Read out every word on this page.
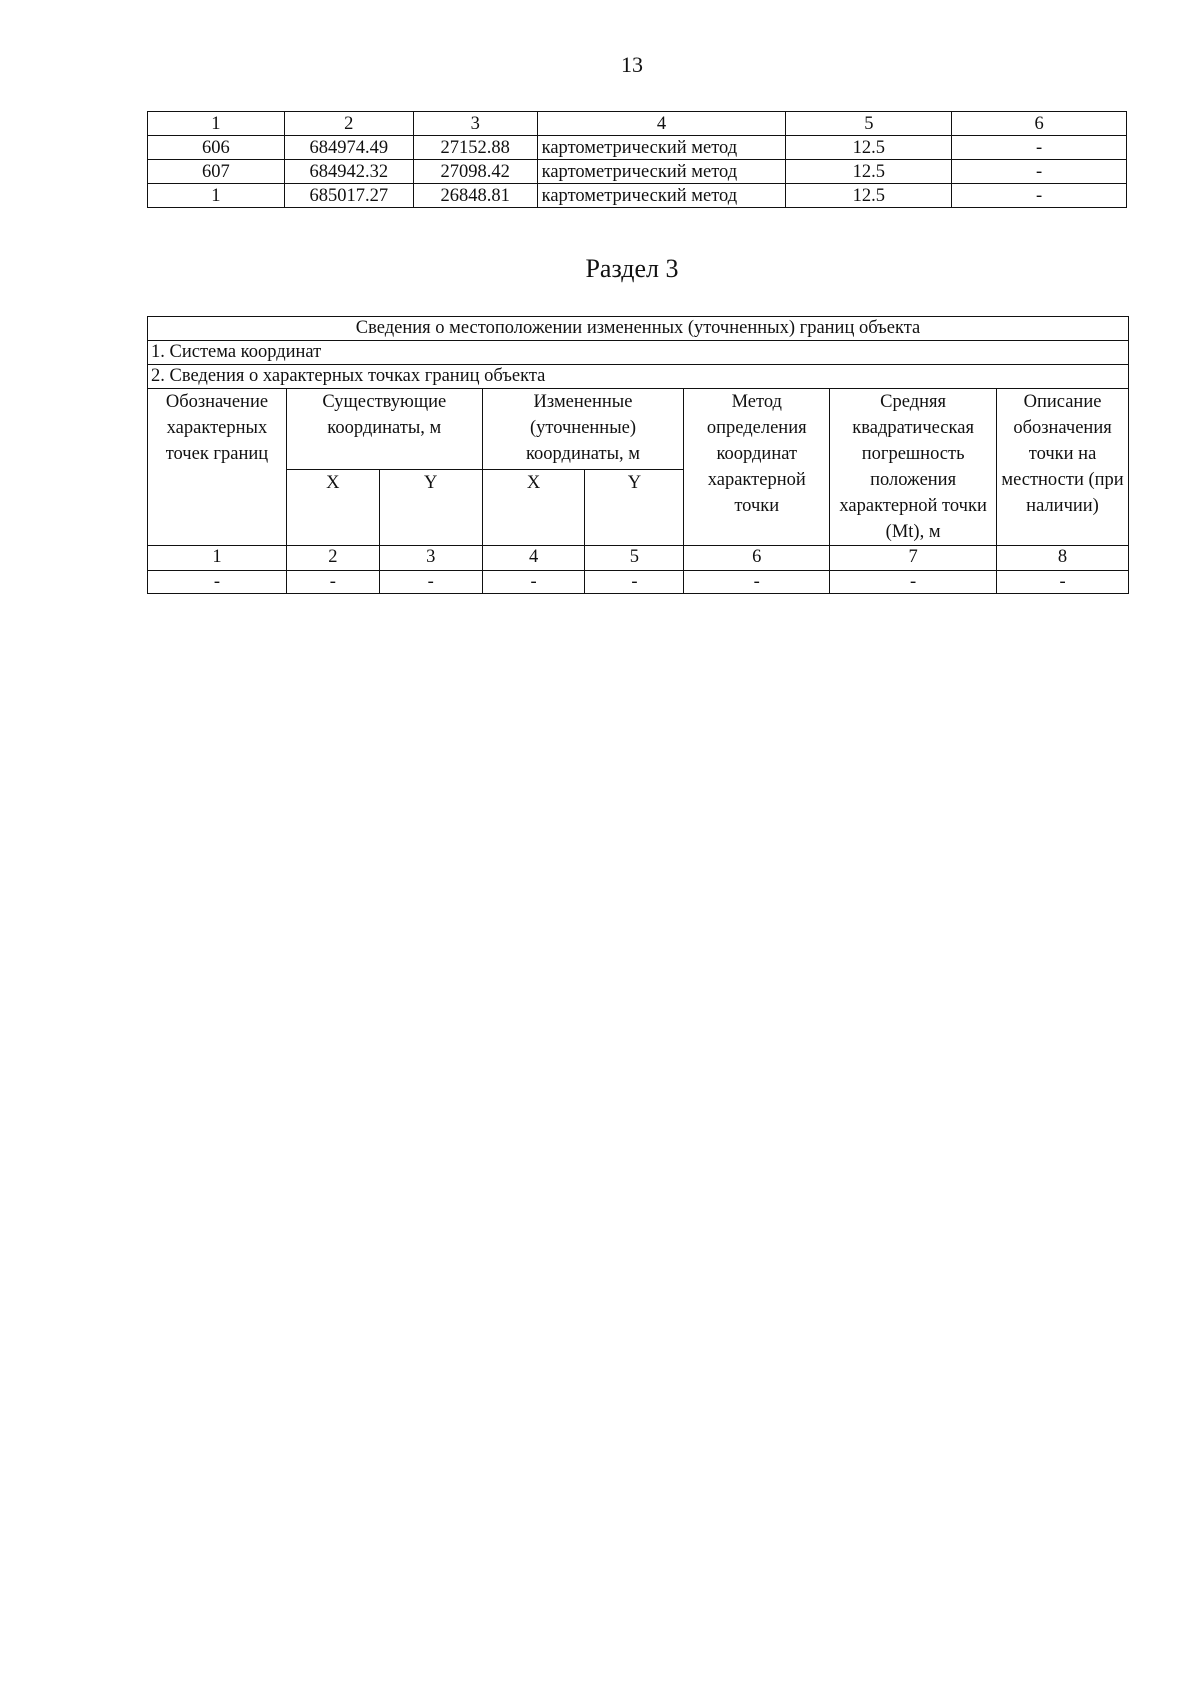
13
1	2	3	4	5	6
606	684974.49	27152.88	картометрический метод	12.5	-
607	684942.32	27098.42	картометрический метод	12.5	-
1	685017.27	26848.81	картометрический метод	12.5	-
Раздел 3
Сведения о местоположении измененных (уточненных) границ объекта							
1. Система координат							
2. Сведения о характерных точках границ объекта							
Обозначение характерных точек границ	Существующие координаты, м		Измененные (уточненные) координаты, м		Метод определения координат характерной точки	Средняя квадратическая погрешность положения характерной точки (Mt), м	Описание обозначения точки на местности (при наличии)
	X	Y	X	Y			
1	2	3	4	5	6	7	8
-	-	-	-	-	-	-	-
